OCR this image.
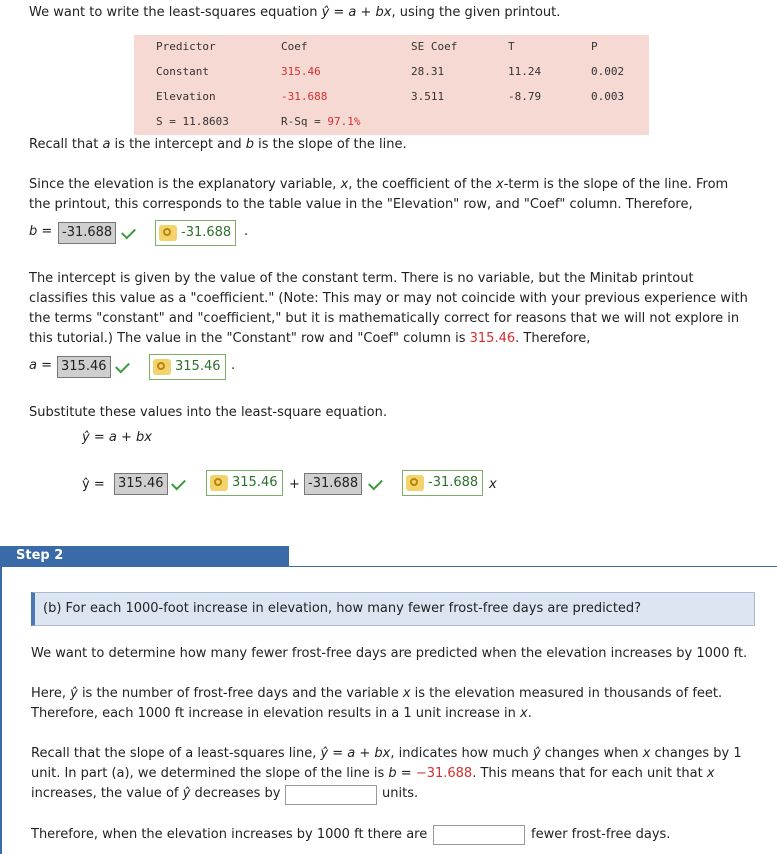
We want to write the least-squares equation ŷ = a + bx, using the given printout.
Predictor	Coef	SE Coef	T	P
Constant	315.46	28.31	11.24	0.002
Elevation	-31.688	3.511	-8.79	0.003
S = 11.8603	R-Sq = 97.1%
Recall that a is the intercept and b is the slope of the line.
Since the elevation is the explanatory variable, x, the coefficient of the x-term is the slope of the line. From
the printout, this corresponds to the table value in the "Elevation" row, and "Coef" column. Therefore,
b = -31.688	-31.688 .
The intercept is given by the value of the constant term. There is no variable, but the Minitab printout
classifies this value as a "coefficient." (Note: This may or may not coincide with your previous experience with
the terms "constant" and "coefficient," but it is mathematically correct for reasons that we will not explore in
this tutorial.) The value in the "Constant" row and "Coef" column is 315.46. Therefore,
a = 315.46	315.46 .
Substitute these values into the least-square equation.
ŷ = a + bx
ŷ =	315.46	315.46 + -31.688	-31.688 x
Step 2
(b) For each 1000-foot increase in elevation, how many fewer frost-free days are predicted?
We want to determine how many fewer frost-free days are predicted when the elevation increases by 1000 ft.
Here, ŷ is the number of frost-free days and the variable x is the elevation measured in thousands of feet.
Therefore, each 1000 ft increase in elevation results in a 1 unit increase in x.
Recall that the slope of a least-squares line, ŷ = a + bx, indicates how much ŷ changes when x changes by 1
unit. In part (a), we determined the slope of the line is b = −31.688. This means that for each unit that x
increases, the value of ŷ decreases by	units.
Therefore, when the elevation increases by 1000 ft there are	fewer frost-free days.
